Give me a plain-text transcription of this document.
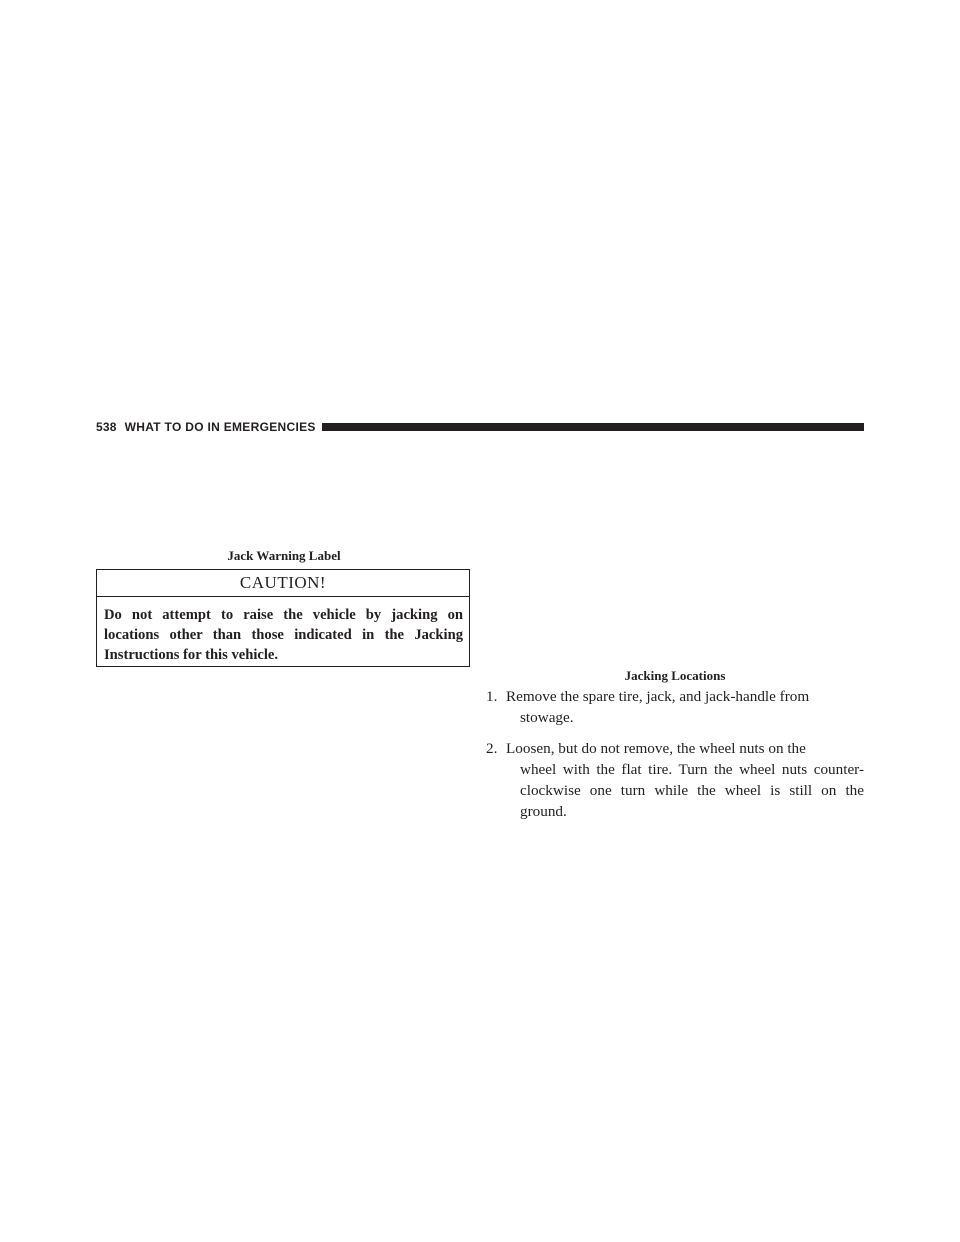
538 WHAT TO DO IN EMERGENCIES
Jack Warning Label
CAUTION!
Do not attempt to raise the vehicle by jacking on locations other than those indicated in the Jacking Instructions for this vehicle.
Jacking Locations
1. Remove the spare tire, jack, and jack-handle from
stowage.
2. Loosen, but do not remove, the wheel nuts on the
wheel with the flat tire. Turn the wheel nuts counter-clockwise one turn while the wheel is still on the ground.
